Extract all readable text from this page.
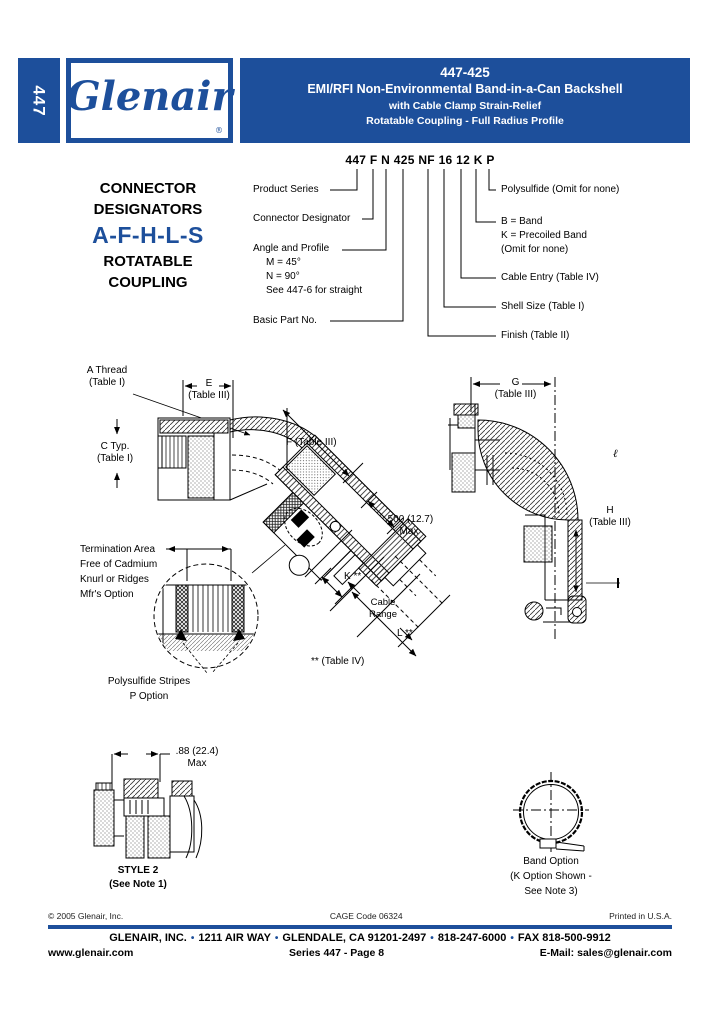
447 Glenair
®
447-425
EMI/RFI Non-Environmental Band-in-a-Can Backshell
with Cable Clamp Strain-Relief
Rotatable Coupling - Full Radius Profile
CONNECTOR
DESIGNATORS
A-F-H-L-S
ROTATABLE
COUPLING
447 F N 425 NF 16 12 K P
Product Series
Connector Designator
Angle and Profile
M = 45°
N = 90°
See 447-6 for straight
Basic Part No.
Polysulfide (Omit for none)
B = Band
K = Precoiled Band
(Omit for none)
Cable Entry (Table IV)
Shell Size (Table I)
Finish (Table II)
A Thread
(Table I)
C Typ.
(Table I)
E
(Table III)
F (Table III)
.500 (12.7)
Max
K **
Cable
Range
L **
** (Table IV)
Termination Area
Free of Cadmium
Knurl or Ridges
Mfr's Option
Polysulfide Stripes
P Option
G
(Table III)
H
(Table III)
ℓ
.88 (22.4)
Max
STYLE 2
(See Note 1)
Band Option
(K Option Shown -
See Note 3)
© 2005 Glenair, Inc.	CAGE Code 06324	Printed in U.S.A.
GLENAIR, INC. • 1211 AIR WAY • GLENDALE, CA 91201-2497 • 818-247-6000 • FAX 818-500-9912
www.glenair.com	Series 447 - Page 8	E-Mail: sales@glenair.com
